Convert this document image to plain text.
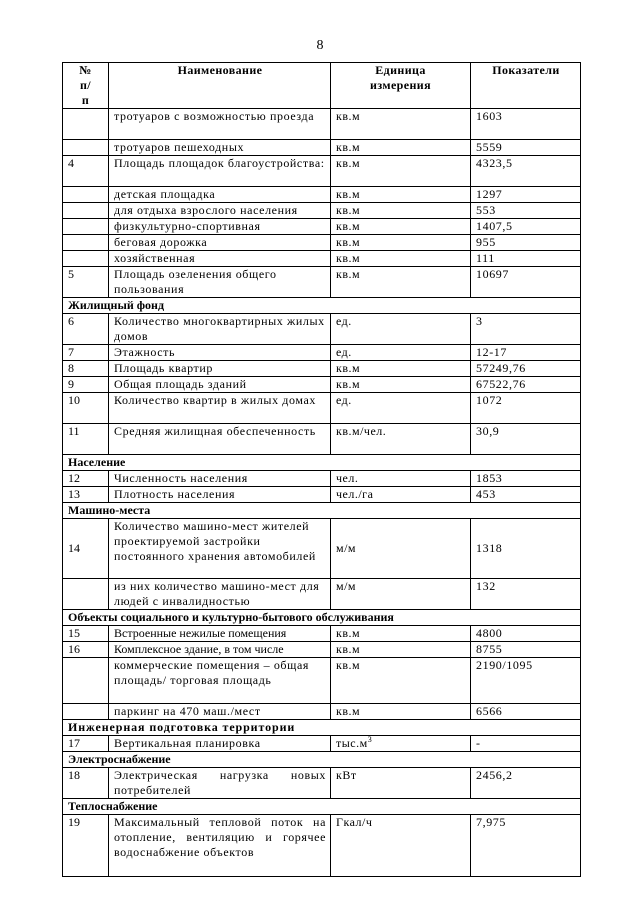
8
№ п/п	Наименование	Единица измерения	Показатели
	тротуаров с возможностью проезда	кв.м	1603
	тротуаров пешеходных	кв.м	5559
4	Площадь площадок благоустройства:	кв.м	4323,5
	детская площадка	кв.м	1297
	для отдыха взрослого населения	кв.м	553
	физкультурно-спортивная	кв.м	1407,5
	беговая дорожка	кв.м	955
	хозяйственная	кв.м	111
5	Площадь озеленения общего пользования	кв.м	10697
Жилищный фонд			
6	Количество многоквартирных жилых домов	ед.	3
7	Этажность	ед.	12-17
8	Площадь квартир	кв.м	57249,76
9	Общая площадь зданий	кв.м	67522,76
10	Количество квартир в жилых домах	ед.	1072
11	Средняя жилищная обеспеченность	кв.м/чел.	30,9
Население			
12	Численность населения	чел.	1853
13	Плотность населения	чел./га	453
Машино-места			
14	Количество машино-мест жителей проектируемой застройки постоянного хранения автомобилей	м/м	1318
	из них количество машино-мест для людей с инвалидностью	м/м	132
Объекты социального и культурно-бытового обслуживания			
15	Встроенные нежилые помещения	кв.м	4800
16	Комплексное здание, в том числе	кв.м	8755
	коммерческие помещения – общая площадь/ торговая площадь	кв.м	2190/1095
	паркинг на 470 маш./мест	кв.м	6566
Инженерная подготовка территории			
17	Вертикальная планировка	$тыс.м^3$	-
Электроснабжение			
18	Электрическая нагрузка новых потребителей	кВт	2456,2
Теплоснабжение			
19	Максимальный тепловой поток на отопление, вентиляцию и горячее водоснабжение объектов	Гкал/ч	7,975
